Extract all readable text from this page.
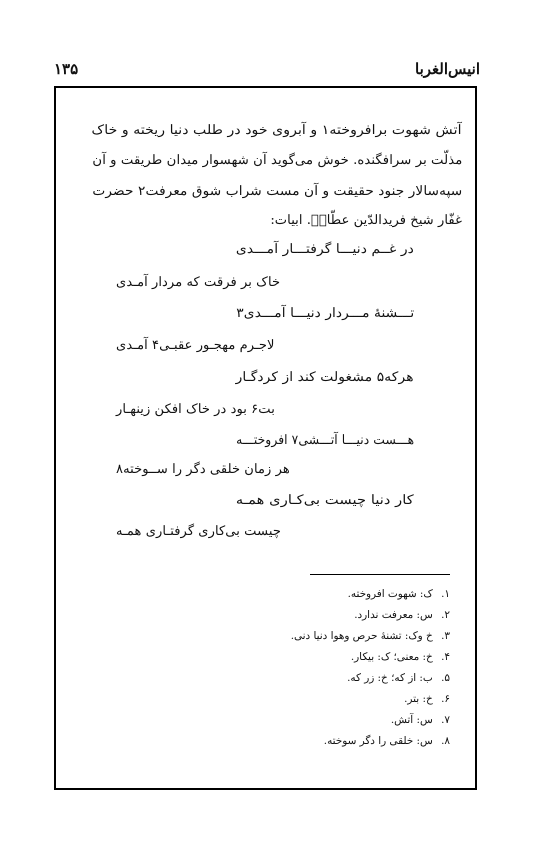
انیس‌الغربا
۱۳۵
آتش شهوت برافروخته۱ و آبروی خود در طلب دنیا ریخته و خاک
مذلّت بر سرافگنده. خوش می‌گوید آن شهسوار میدان طریقت و آن
سپه‌سالار جنود حقیقت و آن مست شراب شوق معرفت۲ حضرت
غفّار شیخ فریدالدّین عطّارؒ. ابیات:
در غــم دنیـــا گرفتـــار آمـــدی
خاک بر فرقت که مردار آمـدی
تـــشنهٔ مـــردار دنیـــا آمـــدی۳
لاجـرم مهجـور عقبـی۴ آمـدی
هرکه۵ مشغولت کند از کردگـار
بت۶ بود در خاک افکن زینهـار
هـــست دنیـــا آتـــشی۷ افروختـــه
هر زمان خلقی دگر را ســوخته۸
کار دنیا چیست بی‌کـاری همـه
چیست بی‌کاری گرفتـاری همـه
۱. ک: شهوت افروخته.
۲. س: معرفت ندارد.
۳. خ وک: تشنهٔ حرص وهوا دنیا دنی.
۴. خ: معنی؛ ک: بیکار.
۵. ب: از که؛ خ: زر که.
۶. خ: بتر.
۷. س: آتش.
۸. س: خلقی را دگر سوخته.
